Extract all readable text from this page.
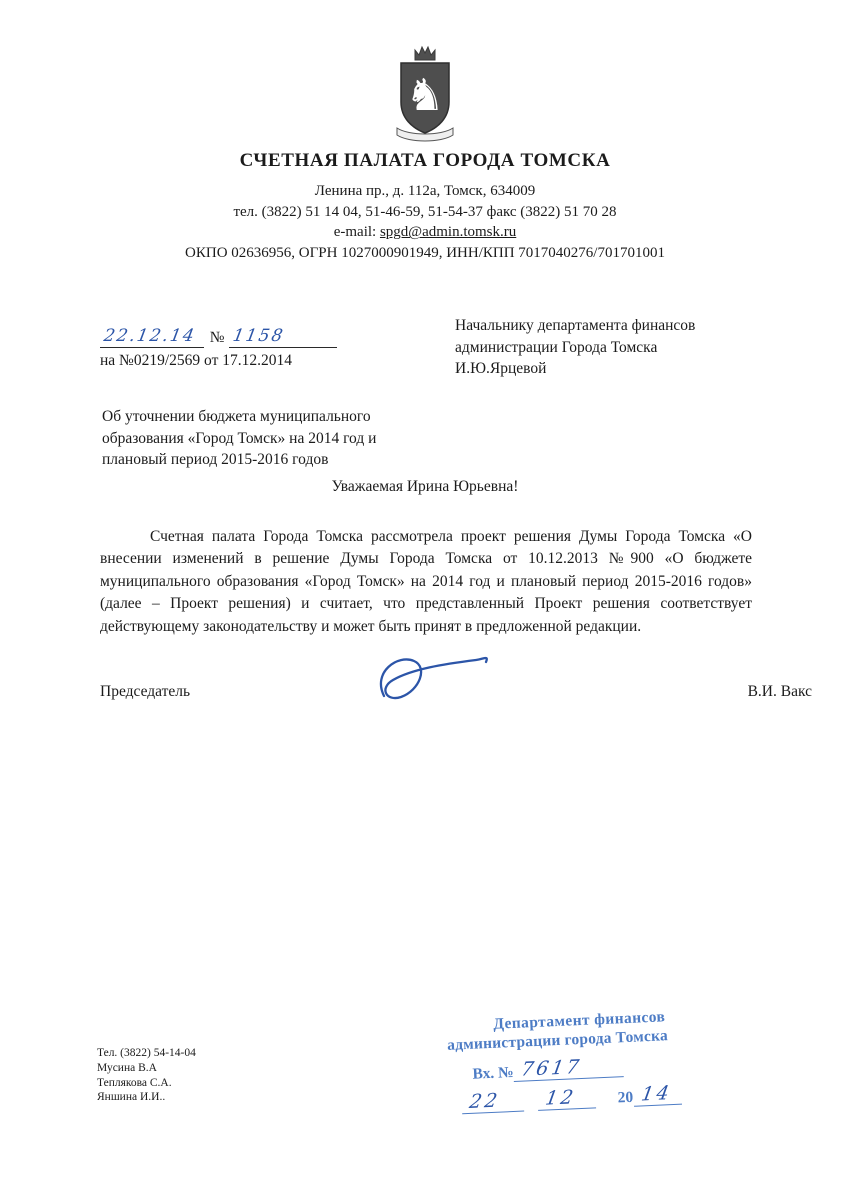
♞
СЧЕТНАЯ ПАЛАТА ГОРОДА ТОМСКА
Ленина пр., д. 112а, Томск, 634009
тел. (3822) 51 14 04, 51-46-59, 51-54-37 факс (3822) 51 70 28
e-mail: spgd@admin.tomsk.ru
ОКПО 02636956, ОГРН 1027000901949, ИНН/КПП 7017040276/701701001
22.12.14 № 1158
на №0219/2569 от 17.12.2014
Начальнику департамента финансов
администрации Города Томска
И.Ю.Ярцевой
Об уточнении бюджета муниципального
образования «Город Томск» на 2014 год и
плановый период 2015-2016 годов
Уважаемая Ирина Юрьевна!

Счетная палата Города Томска рассмотрела проект решения Думы Города Томска «О внесении изменений в решение Думы Города Томска от 10.12.2013 №900 «О бюджете муниципального образования «Город Томск» на 2014 год и плановый период 2015-2016 годов» (далее – Проект решения) и считает, что представленный Проект решения соответствует действующему законодательству и может быть принят в предложенной редакции.

Председатель	В.И. Вакс
Тел. (3822) 54-14-04
Мусина В.А
Теплякова С.А.
Яншина И.И..
Департамент финансов
администрации города Томска
Вх. № 7617
22	12	20 14
